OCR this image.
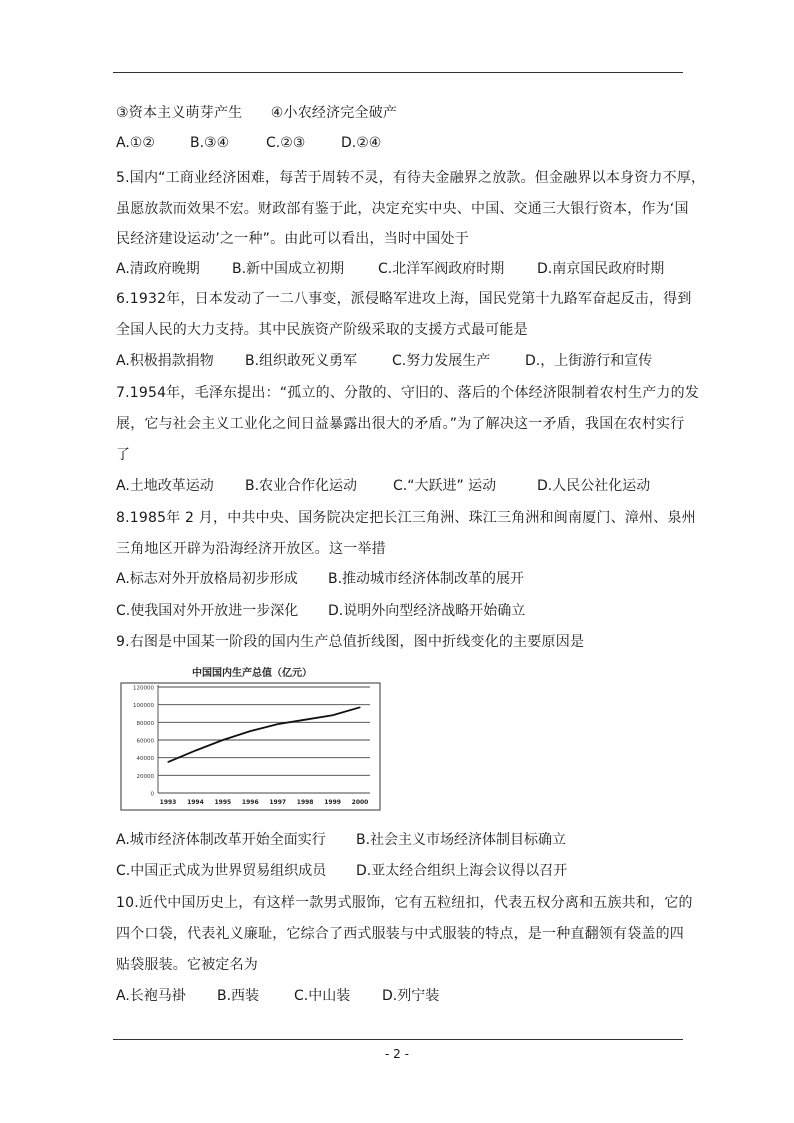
③资本主义萌芽产生　　④小农经济完全破产
A.①②	B.③④	C.②③	D.②④
5.国内“工商业经济困难，每苦于周转不灵，有待夫金融界之放款。但金融界以本身资力不厚，
虽愿放款而效果不宏。财政部有鉴于此，决定充实中央、中国、交通三大银行资本，作为‘国
民经济建设运动’之一种”。由此可以看出，当时中国处于
A.清政府晚期 B.新中国成立初期 C.北洋军阀政府时期 D.南京国民政府时期
6.1932年，日本发动了一二八事变，派侵略军进攻上海，国民党第十九路军奋起反击，得到
全国人民的大力支持。其中民族资产阶级采取的支援方式最可能是
A.积极捐款捐物 B.组织敢死义勇军 C.努力发展生产 D.，上街游行和宣传
7.1954年，毛泽东提出：“孤立的、分散的、守旧的、落后的个体经济限制着农村生产力的发
展，它与社会主义工业化之间日益暴露出很大的矛盾。”为了解决这一矛盾，我国在农村实行
了
A.土地改革运动 B.农业合作化运动	C.“大跃进” 运动	D.人民公社化运动
8.1985年 2 月，中共中央、国务院决定把长江三角洲、珠江三角洲和闽南厦门、漳州、泉州
三角地区开辟为沿海经济开放区。这一举措
A.标志对外开放格局初步形成 B.推动城市经济体制改革的展开
C.使我国对外开放进一步深化 D.说明外向型经济战略开始确立
9.右图是中国某一阶段的国内生产总值折线图，图中折线变化的主要原因是
中国国内生产总值（亿元）
0
20000
40000
60000
80000
100000
120000
1993 1994 1995 1996 1997 1998 1999 2000
A.城市经济体制改革开始全面实行 B.社会主义市场经济体制目标确立
C.中国正式成为世界贸易组织成员 D.亚太经合组织上海会议得以召开
10.近代中国历史上，有这样一款男式服饰，它有五粒纽扣，代表五权分离和五族共和，它的
四个口袋，代表礼义廉耻，它综合了西式服装与中式服装的特点，是一种直翻领有袋盖的四
贴袋服装。它被定名为
A.长袍马褂 B.西装 C.中山装 D.列宁装
- 2 -
